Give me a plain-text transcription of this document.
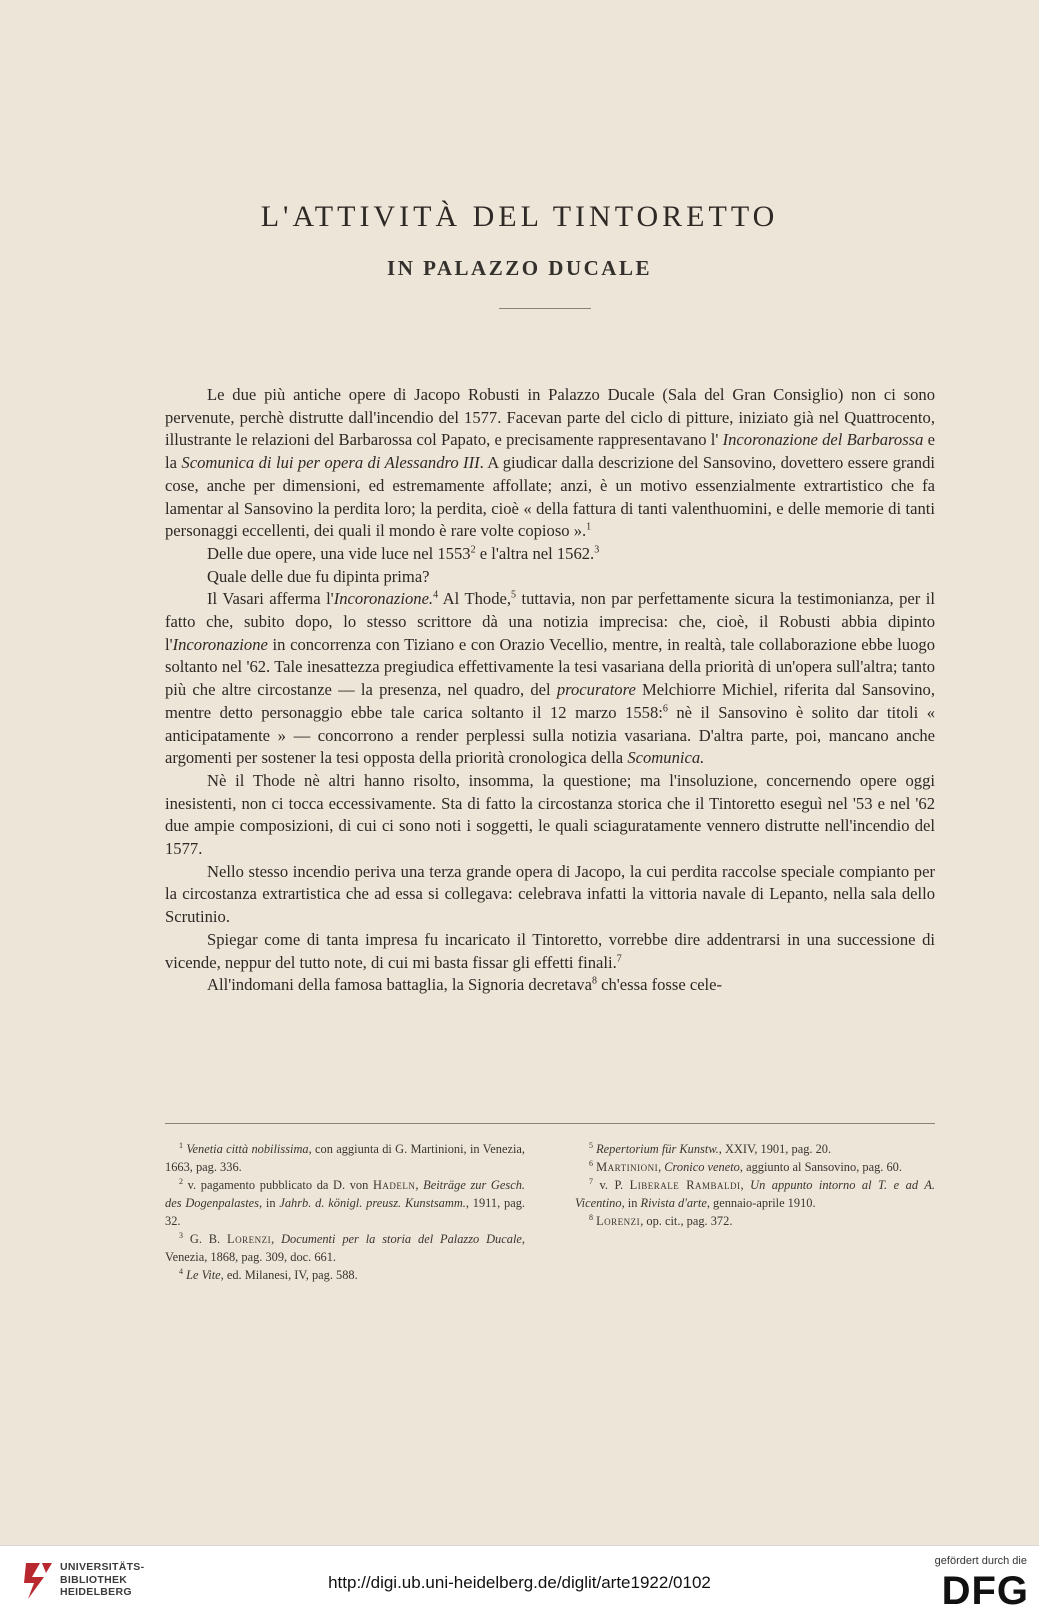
L'ATTIVITÀ DEL TINTORETTO
IN PALAZZO DUCALE

Le due più antiche opere di Jacopo Robusti in Palazzo Ducale (Sala del Gran Consiglio) non ci sono pervenute, perchè distrutte dall'incendio del 1577. Facevan parte del ciclo di pitture, iniziato già nel Quattrocento, illustrante le relazioni del Barbarossa col Papato, e precisamente rappresentavano l' Incoronazione del Barbarossa e la Scomunica di lui per opera di Alessandro III. A giudicar dalla descrizione del Sansovino, dovettero essere grandi cose, anche per dimensioni, ed estremamente affollate; anzi, è un motivo essenzialmente extrartistico che fa lamentar al Sansovino la perdita loro; la perdita, cioè « della fattura di tanti valenthuomini, e delle memorie di tanti personaggi eccellenti, dei quali il mondo è rare volte copioso ».$^1$

Delle due opere, una vide luce nel 1553$^2$ e l'altra nel 1562.$^3$

Quale delle due fu dipinta prima?

Il Vasari afferma l'Incoronazione.$^4$ Al Thode,$^5$ tuttavia, non par perfettamente sicura la testimonianza, per il fatto che, subito dopo, lo stesso scrittore dà una notizia imprecisa: che, cioè, il Robusti abbia dipinto l'Incoronazione in concorrenza con Tiziano e con Orazio Vecellio, mentre, in realtà, tale collaborazione ebbe luogo soltanto nel '62. Tale inesattezza pregiudica effettivamente la tesi vasariana della priorità di un'opera sull'altra; tanto più che altre circostanze — la presenza, nel quadro, del procuratore Melchiorre Michiel, riferita dal Sansovino, mentre detto personaggio ebbe tale carica soltanto il 12 marzo 1558:$^6$ nè il Sansovino è solito dar titoli « anticipatamente » — concorrono a render perplessi sulla notizia vasariana. D'altra parte, poi, mancano anche argomenti per sostener la tesi opposta della priorità cronologica della Scomunica.

Nè il Thode nè altri hanno risolto, insomma, la questione; ma l'insoluzione, concernendo opere oggi inesistenti, non ci tocca eccessivamente. Sta di fatto la circostanza storica che il Tintoretto eseguì nel '53 e nel '62 due ampie composizioni, di cui ci sono noti i soggetti, le quali sciaguratamente vennero distrutte nell'incendio del 1577.

Nello stesso incendio periva una terza grande opera di Jacopo, la cui perdita raccolse speciale compianto per la circostanza extrartistica che ad essa si collegava: celebrava infatti la vittoria navale di Lepanto, nella sala dello Scrutinio.

Spiegar come di tanta impresa fu incaricato il Tintoretto, vorrebbe dire addentrarsi in una successione di vicende, neppur del tutto note, di cui mi basta fissar gli effetti finali.$^7$

All'indomani della famosa battaglia, la Signoria decretava$^8$ ch'essa fosse cele-

$^1$ Venetia città nobilissima, con aggiunta di G. Martinioni, in Venezia, 1663, pag. 336.

$^2$ v. pagamento pubblicato da D. von Hadeln, Beiträge zur Gesch. des Dogenpalastes, in Jahrb. d. königl. preusz. Kunstsamm., 1911, pag. 32.

$^3$ G. B. Lorenzi, Documenti per la storia del Palazzo Ducale, Venezia, 1868, pag. 309, doc. 661.

$^4$ Le Vite, ed. Milanesi, IV, pag. 588.

$^5$ Repertorium für Kunstw., XXIV, 1901, pag. 20.

$^6$ Martinioni, Cronico veneto, aggiunto al Sansovino, pag. 60.

$^7$ v. P. Liberale Rambaldi, Un appunto intorno al T. e ad A. Vicentino, in Rivista d'arte, gennaio-aprile 1910.

$^8$ Lorenzi, op. cit., pag. 372.

UNIVERSITÄTS-
BIBLIOTHEK
HEIDELBERG	http://digi.ub.uni-heidelberg.de/diglit/arte1922/0102
gefördert durch die
DFG
